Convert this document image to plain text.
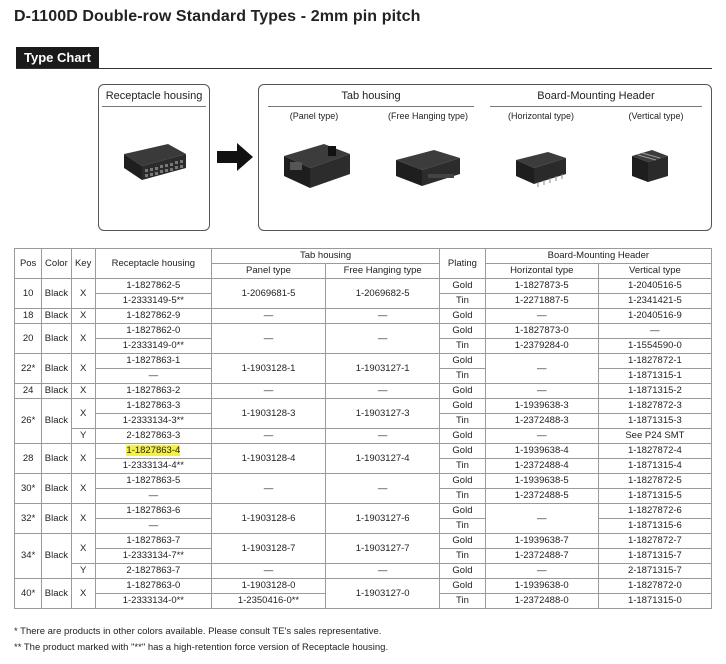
D-1100D Double-row Standard Types - 2mm pin pitch
Type Chart
Receptacle housing	Tab housing	Board-Mounting Header
(Panel type)	(Free Hanging type)	(Horizontal type)	(Vertical type)
Pos	Color	Key	Receptacle housing	Tab housing		Plating	Board-Mounting Header	
				Panel type	Free Hanging type		Horizontal type	Vertical type
10	Black	X	1-1827862-5	1-2069681-5	1-2069682-5	Gold	1-1827873-5	1-2040516-5
			1-2333149-5**			Tin	1-2271887-5	1-2341421-5
18	Black	X	1-1827862-9	—	—	Gold	—	1-2040516-9
20	Black	X	1-1827862-0	—	—	Gold	1-1827873-0	—
			1-2333149-0**			Tin	1-2379284-0	1-1554590-0
22*	Black	X	1-1827863-1	1-1903128-1	1-1903127-1	Gold	—	1-1827872-1
			—			Tin		1-1871315-1
24	Black	X	1-1827863-2	—	—	Gold	—	1-1871315-2
26*	Black	X	1-1827863-3	1-1903128-3	1-1903127-3	Gold	1-1939638-3	1-1827872-3
			1-2333134-3**			Tin	1-2372488-3	1-1871315-3
		Y	2-1827863-3	—	—	Gold	—	See P24 SMT
28	Black	X	1-1827863-4	1-1903128-4	1-1903127-4	Gold	1-1939638-4	1-1827872-4
			1-2333134-4**			Tin	1-2372488-4	1-1871315-4
30*	Black	X	1-1827863-5	—	—	Gold	1-1939638-5	1-1827872-5
			—			Tin	1-2372488-5	1-1871315-5
32*	Black	X	1-1827863-6	1-1903128-6	1-1903127-6	Gold	—	1-1827872-6
			—			Tin		1-1871315-6
34*	Black	X	1-1827863-7	1-1903128-7	1-1903127-7	Gold	1-1939638-7	1-1827872-7
			1-2333134-7**			Tin	1-2372488-7	1-1871315-7
		Y	2-1827863-7	—	—	Gold	—	2-1871315-7
40*	Black	X	1-1827863-0	1-1903128-0	1-1903127-0	Gold	1-1939638-0	1-1827872-0
			1-2333134-0**	1-2350416-0**		Tin	1-2372488-0	1-1871315-0
* There are products in other colors available. Please consult TE's sales representative.
** The product marked with "**" has a high-retention force version of Receptacle housing.
